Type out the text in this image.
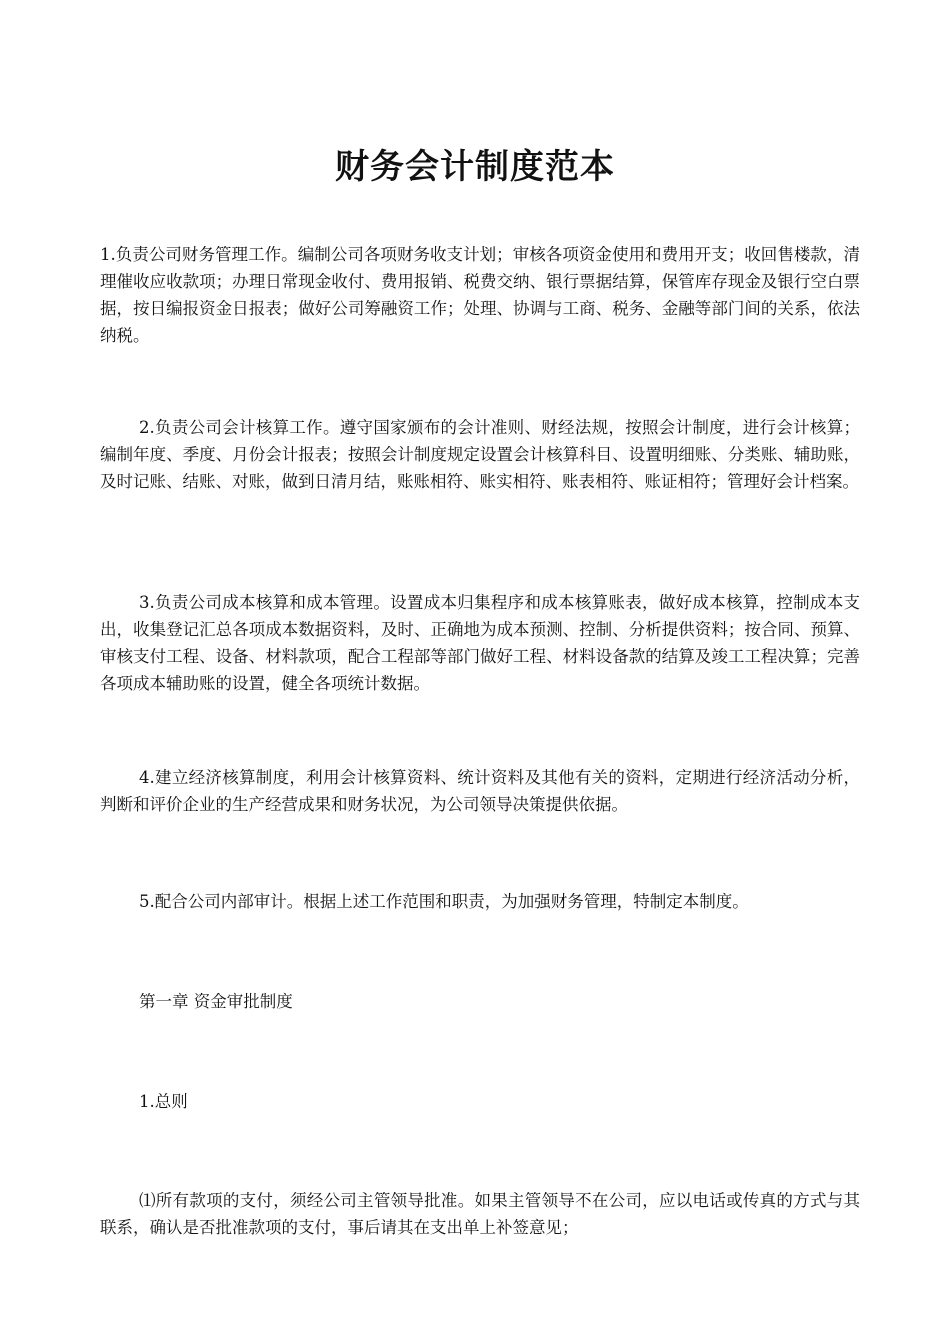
财务会计制度范本

1.负责公司财务管理工作。编制公司各项财务收支计划；审核各项资金使用和费用开支；收回售楼款，清理催收应收款项；办理日常现金收付、费用报销、税费交纳、银行票据结算，保管库存现金及银行空白票据，按日编报资金日报表；做好公司筹融资工作；处理、协调与工商、税务、金融等部门间的关系，依法纳税。

2.负责公司会计核算工作。遵守国家颁布的会计准则、财经法规，按照会计制度，进行会计核算；编制年度、季度、月份会计报表；按照会计制度规定设置会计核算科目、设置明细账、分类账、辅助账，及时记账、结账、对账，做到日清月结，账账相符、账实相符、账表相符、账证相符；管理好会计档案。

3.负责公司成本核算和成本管理。设置成本归集程序和成本核算账表，做好成本核算，控制成本支出，收集登记汇总各项成本数据资料，及时、正确地为成本预测、控制、分析提供资料；按合同、预算、审核支付工程、设备、材料款项，配合工程部等部门做好工程、材料设备款的结算及竣工工程决算；完善各项成本辅助账的设置，健全各项统计数据。

4.建立经济核算制度，利用会计核算资料、统计资料及其他有关的资料，定期进行经济活动分析，判断和评价企业的生产经营成果和财务状况，为公司领导决策提供依据。

5.配合公司内部审计。根据上述工作范围和职责，为加强财务管理，特制定本制度。

第一章 资金审批制度

1.总则

⑴所有款项的支付，须经公司主管领导批准。如果主管领导不在公司，应以电话或传真的方式与其联系，确认是否批准款项的支付，事后请其在支出单上补签意见；
